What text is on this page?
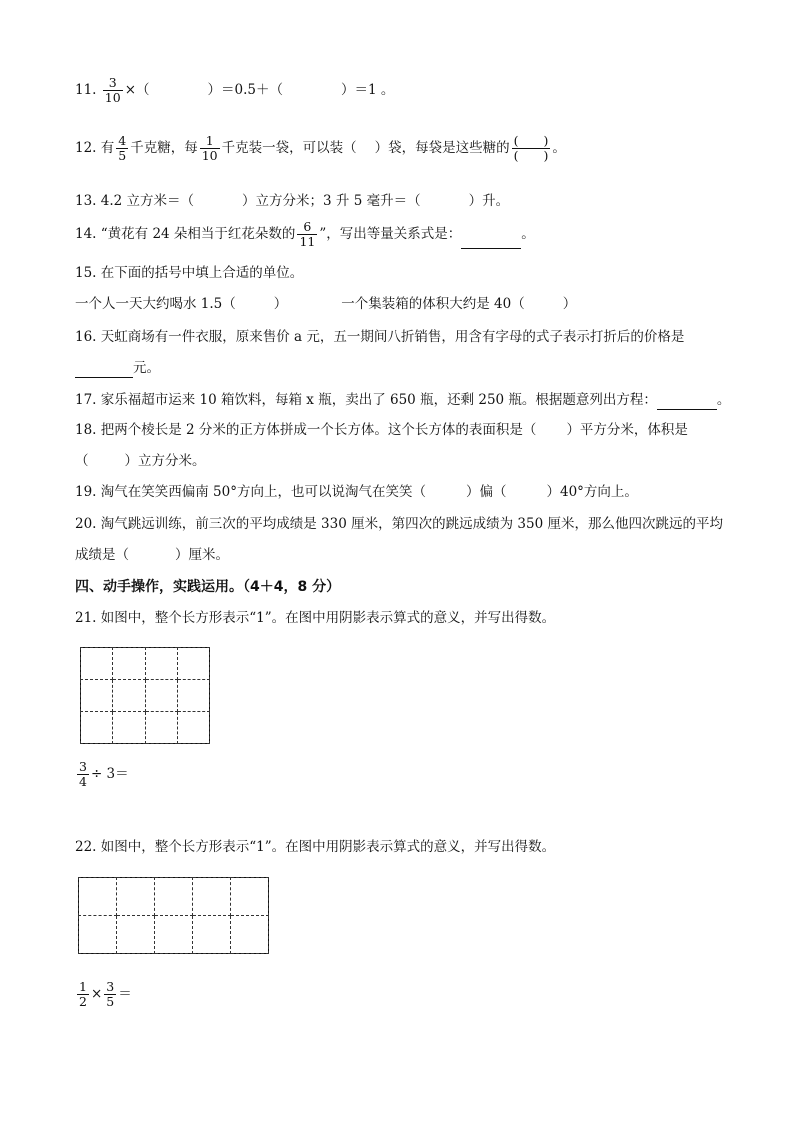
11. $\frac{3}{10}$ ×（	）＝0.5＋（	）＝1 。
12. 有 $\frac{4}{5}$ 千克糖，每 $\frac{1}{10}$ 千克装一袋，可以装（ ）袋，每袋是这些糖的 $\frac{( )}{( )}$ 。
13. 4.2 立方米＝（	）立方分米；3 升 5 毫升＝（	）升。
14. “黄花有 24 朵相当于红花朵数的 $\frac{6}{11}$ ”，写出等量关系式是：	。
15. 在下面的括号中填上合适的单位。
一个人一天大约喝水 1.5（	）	一个集装箱的体积大约是 40（	）
16. 天虹商场有一件衣服，原来售价 a 元，五一期间八折销售，用含有字母的式子表示打折后的价格是
元。
17. 家乐福超市运来 10 箱饮料，每箱 x 瓶，卖出了 650 瓶，还剩 250 瓶。根据题意列出方程：	。
18. 把两个棱长是 2 分米的正方体拼成一个长方体。这个长方体的表面积是（ ）平方分米，体积是
（	）立方分米。
19. 淘气在笑笑西偏南 50°方向上，也可以说淘气在笑笑（	）偏（	）40°方向上。
20. 淘气跳远训练，前三次的平均成绩是 330 厘米，第四次的跳远成绩为 350 厘米，那么他四次跳远的平均
成绩是（	）厘米。
四、动手操作，实践运用。（4＋4，8 分）
21. 如图中，整个长方形表示“1”。在图中用阴影表示算式的意义，并写出得数。

$\frac{3}{4} \div 3=$
22. 如图中，整个长方形表示“1”。在图中用阴影表示算式的意义，并写出得数。

$\frac{1}{2} \times \frac{3}{5}$ ＝
